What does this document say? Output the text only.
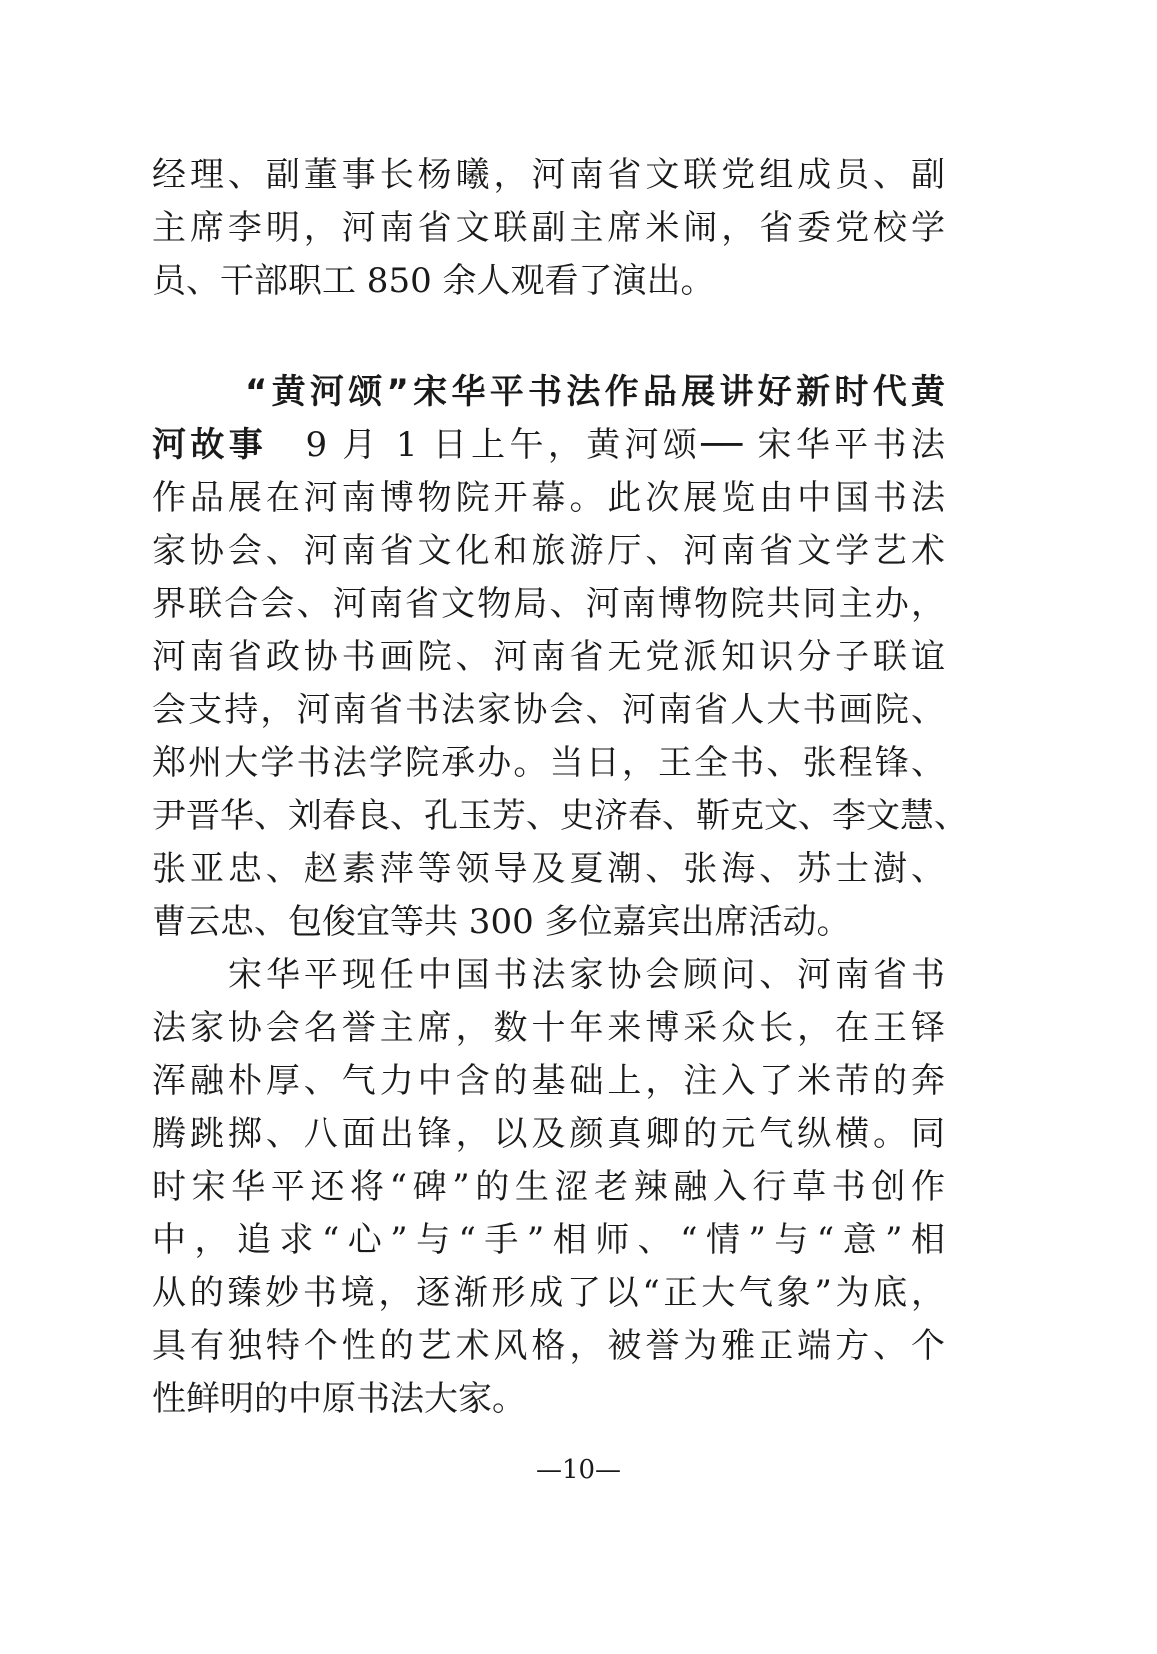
经理、副董事长杨曦，河南省文联党组成员、副
主席李明，河南省文联副主席米闹，省委党校学
员、干部职工 850 余人观看了演出。
“黄河颂”宋华平书法作品展讲好新时代黄
河故事　9 月 1 日上午，黄河颂── 宋华平书法
作品展在河南博物院开幕。此次展览由中国书法
家协会、河南省文化和旅游厅、河南省文学艺术
界联合会、河南省文物局、河南博物院共同主办，
河南省政协书画院、河南省无党派知识分子联谊
会支持，河南省书法家协会、河南省人大书画院、
郑州大学书法学院承办。当日，王全书、张程锋、
尹晋华、刘春良、孔玉芳、史济春、靳克文、李文慧、
张亚忠、赵素萍等领导及夏潮、张海、苏士澍、
曹云忠、包俊宜等共 300 多位嘉宾出席活动。
宋华平现任中国书法家协会顾问、河南省书
法家协会名誉主席，数十年来博采众长，在王铎
浑融朴厚、气力中含的基础上，注入了米芾的奔
腾跳掷、八面出锋，以及颜真卿的元气纵横。同
时宋华平还将“碑”的生涩老辣融入行草书创作
中，追求“心”与“手”相师、“情”与“意”相
从的臻妙书境，逐渐形成了以“正大气象”为底，
具有独特个性的艺术风格，被誉为雅正端方、个
性鲜明的中原书法大家。
—10—
